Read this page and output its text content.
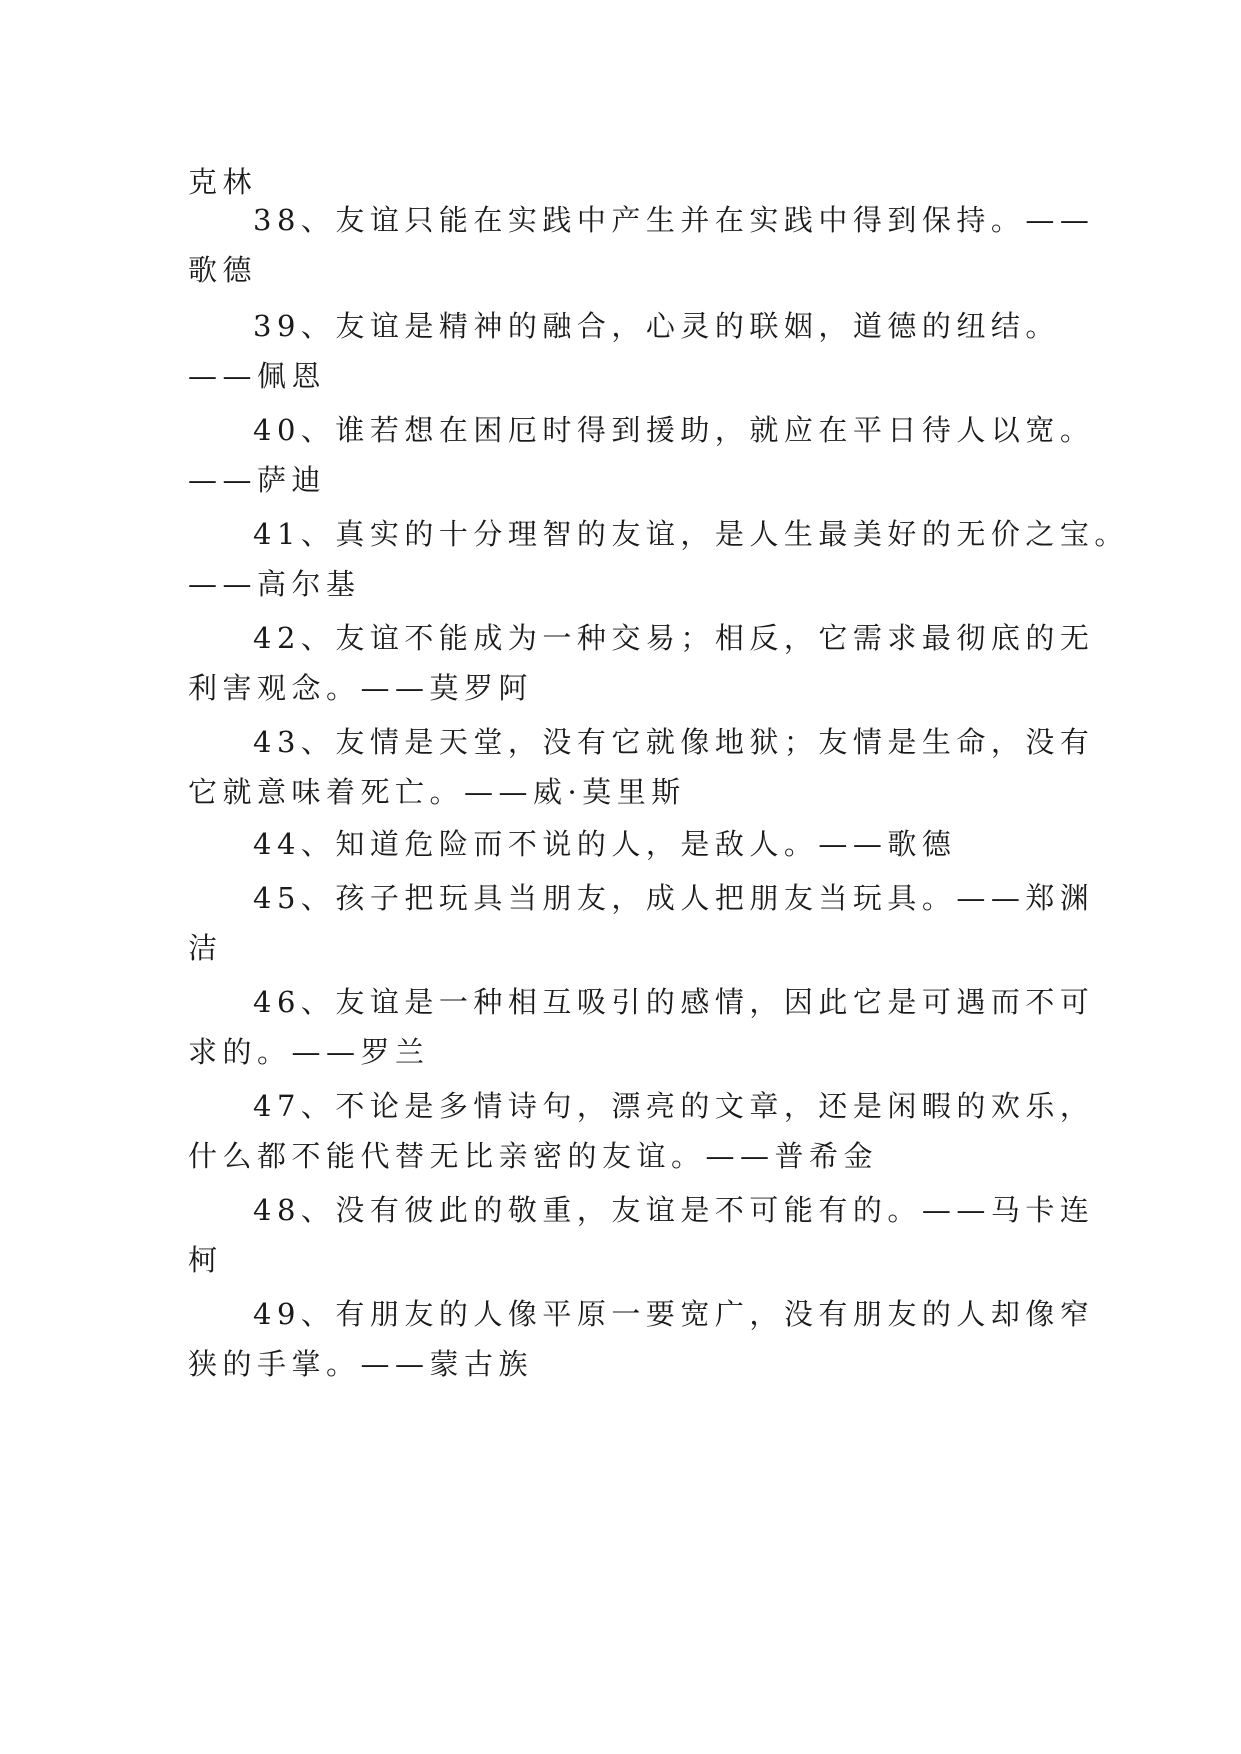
克林
38、友谊只能在实践中产生并在实践中得到保持。——
歌德
39、友谊是精神的融合，心灵的联姻，道德的纽结。
——佩恩
40、谁若想在困厄时得到援助，就应在平日待人以宽。
——萨迪
41、真实的十分理智的友谊，是人生最美好的无价之宝。
——高尔基
42、友谊不能成为一种交易；相反，它需求最彻底的无
利害观念。——莫罗阿
43、友情是天堂，没有它就像地狱；友情是生命，没有
它就意味着死亡。——威·莫里斯
44、知道危险而不说的人，是敌人。——歌德
45、孩子把玩具当朋友，成人把朋友当玩具。——郑渊
洁
46、友谊是一种相互吸引的感情，因此它是可遇而不可
求的。——罗兰
47、不论是多情诗句，漂亮的文章，还是闲暇的欢乐，
什么都不能代替无比亲密的友谊。——普希金
48、没有彼此的敬重，友谊是不可能有的。——马卡连
柯
49、有朋友的人像平原一要宽广，没有朋友的人却像窄
狭的手掌。——蒙古族
